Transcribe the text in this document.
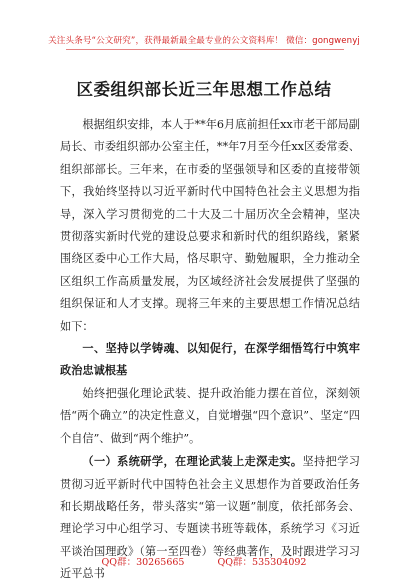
关注头条号“公文研究”，获得最新最全最专业的公文资料库！ 微信：gongwenyj
区委组织部长近三年思想工作总结

根据组织安排，本人于**年6月底前担任xx市老干部局副局长、市委组织部办公室主任，**年7月至今任xx区委常委、组织部部长。三年来，在市委的坚强领导和区委的直接带领下，我始终坚持以习近平新时代中国特色社会主义思想为指导，深入学习贯彻党的二十大及二十届历次全会精神，坚决贯彻落实新时代党的建设总要求和新时代的组织路线，紧紧围绕区委中心工作大局，恪尽职守、勤勉履职，全力推动全区组织工作高质量发展，为区域经济社会发展提供了坚强的组织保证和人才支撑。现将三年来的主要思想工作情况总结如下：

一、坚持以学铸魂、以知促行，在深学细悟笃行中筑牢政治忠诚根基

始终把强化理论武装、提升政治能力摆在首位，深刻领悟“两个确立”的决定性意义，自觉增强“四个意识”、坚定“四个自信”、做到“两个维护”。

（一）系统研学，在理论武装上走深走实。坚持把学习贯彻习近平新时代中国特色社会主义思想作为首要政治任务和长期战略任务，带头落实“第一议题”制度，依托部务会、理论学习中心组学习、专题读书班等载体，系统学习《习近平谈治国理政》（第一至四卷）等经典著作，及时跟进学习习近平总书

QQ群：30265665	QQ群：535304092
